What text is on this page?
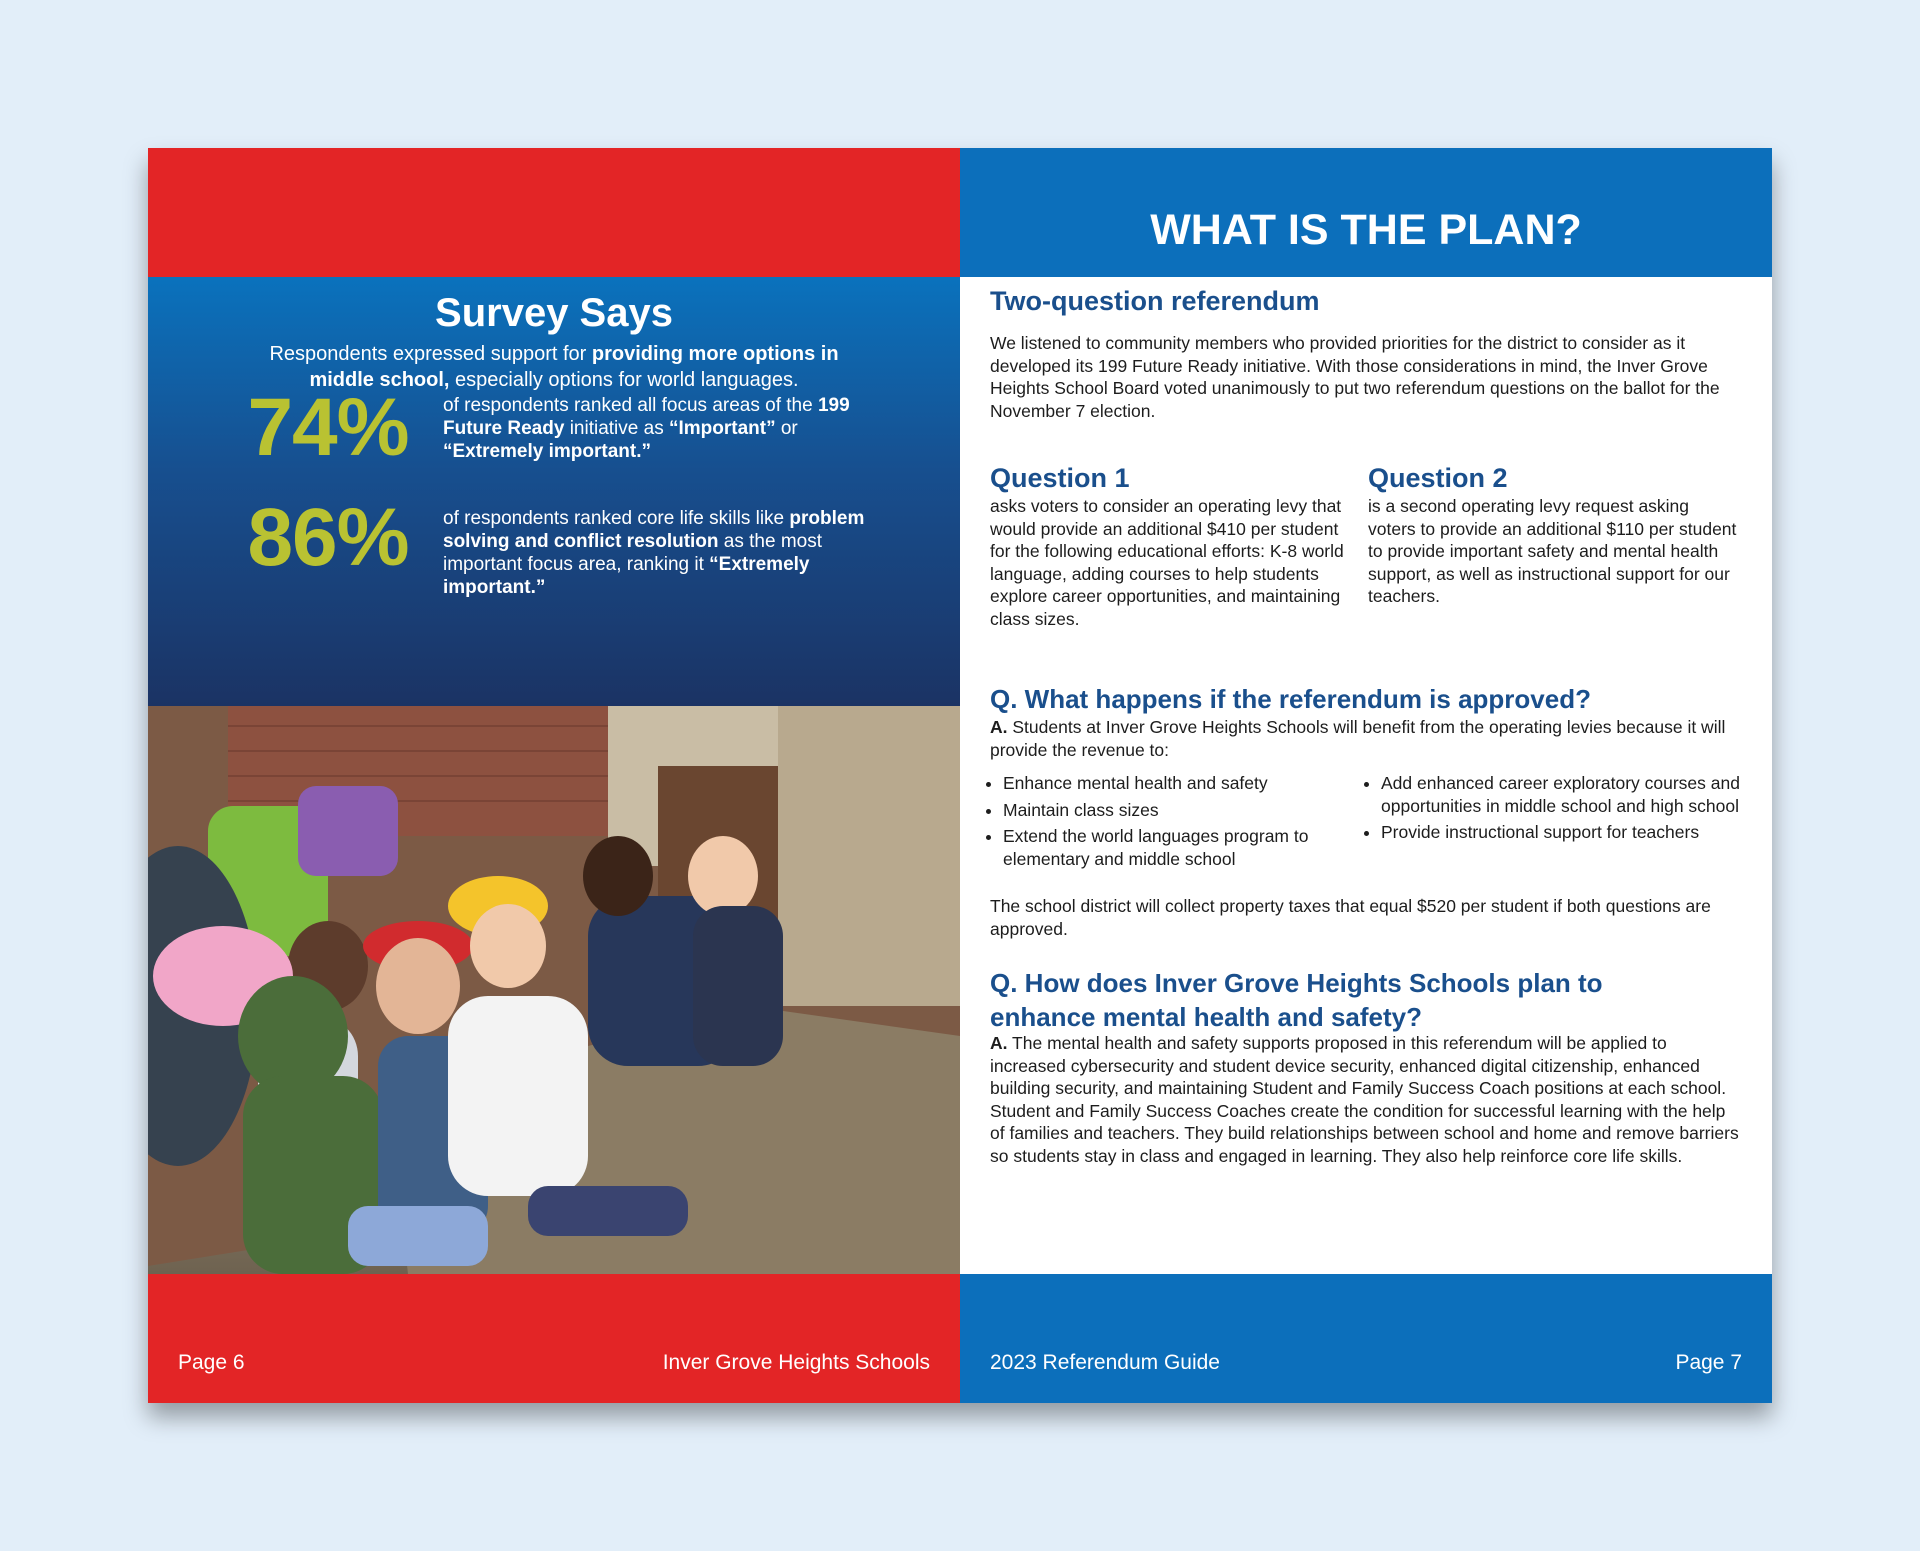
Survey Says
Respondents expressed support for providing more options in middle school, especially options for world languages.
74%	of respondents ranked all focus areas of the 199 Future Ready initiative as “Important” or “Extremely important.”
86%	of respondents ranked core life skills like problem solving and conflict resolution as the most important focus area, ranking it “Extremely important.”
Page 6	Inver Grove Heights Schools
WHAT IS THE PLAN?
Two-question referendum
We listened to community members who provided priorities for the district to consider as it developed its 199 Future Ready initiative. With those considerations in mind, the Inver Grove Heights School Board voted unanimously to put two referendum questions on the ballot for the November 7 election.
Question 1
asks voters to consider an operating levy that would provide an additional $410 per student for the following educational efforts: K-8 world language, adding courses to help students explore career opportunities, and maintaining class sizes.
Question 2
is a second operating levy request asking voters to provide an additional $110 per student to provide important safety and mental health support, as well as instructional support for our teachers.
Q. What happens if the referendum is approved?
A. Students at Inver Grove Heights Schools will benefit from the operating levies because it will provide the revenue to:
• Enhance mental health and safety
• Maintain class sizes
• Extend the world languages program to elementary and middle school
• Add enhanced career exploratory courses and opportunities in middle school and high school
• Provide instructional support for teachers
The school district will collect property taxes that equal $520 per student if both questions are approved.
Q. How does Inver Grove Heights Schools plan to enhance mental health and safety?
A. The mental health and safety supports proposed in this referendum will be applied to increased cybersecurity and student device security, enhanced digital citizenship, enhanced building security, and maintaining Student and Family Success Coach positions at each school. Student and Family Success Coaches create the condition for successful learning with the help of families and teachers. They build relationships between school and home and remove barriers so students stay in class and engaged in learning. They also help reinforce core life skills.
2023 Referendum Guide	Page 7
